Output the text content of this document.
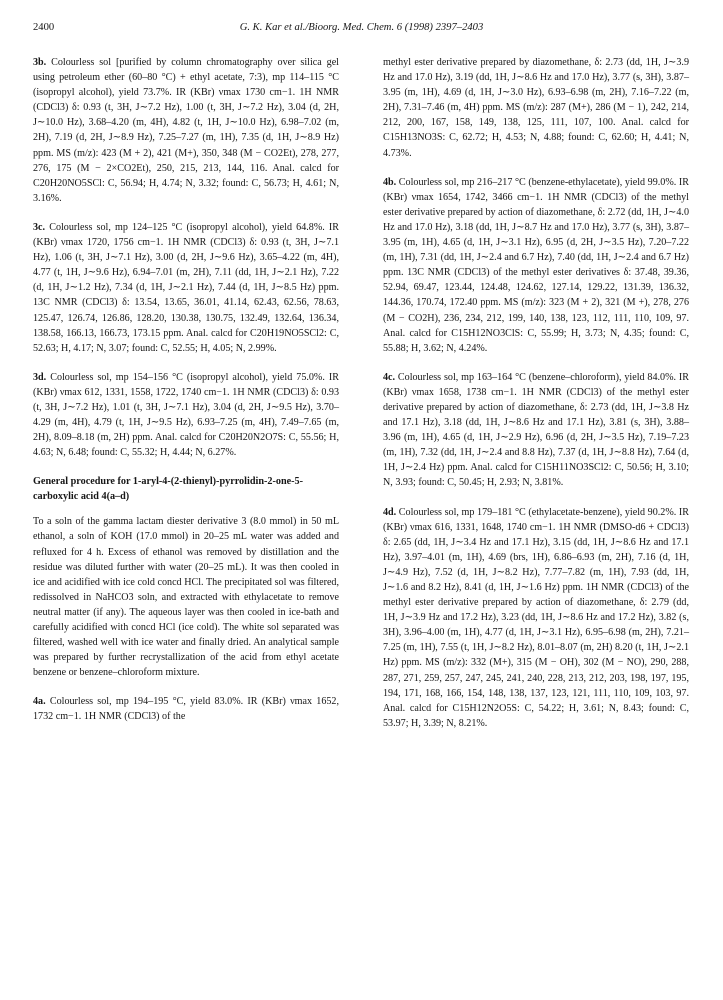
2400	G. K. Kar et al./Bioorg. Med. Chem. 6 (1998) 2397–2403

3b. Colourless sol [purified by column chromatography over silica gel using petroleum ether (60–80 °C) + ethyl acetate, 7:3), mp 114–115 °C (isopropyl alcohol), yield 73.7%. IR (KBr) νmax 1730 cm−1. 1H NMR (CDCl3) δ: 0.93 (t, 3H, J∼7.2 Hz), 1.00 (t, 3H, J∼7.2 Hz), 3.04 (d, 2H, J∼10.0 Hz), 3.68–4.20 (m, 4H), 4.82 (t, 1H, J∼10.0 Hz), 6.98–7.02 (m, 2H), 7.19 (d, 2H, J∼8.9 Hz), 7.25–7.27 (m, 1H), 7.35 (d, 1H, J∼8.9 Hz) ppm. MS (m/z): 423 (M + 2), 421 (M+), 350, 348 (M − CO2Et), 278, 277, 276, 175 (M − 2×CO2Et), 250, 215, 213, 144, 116. Anal. calcd for C20H20NO5SCl: C, 56.94; H, 4.74; N, 3.32; found: C, 56.73; H, 4.61; N, 3.16%.

3c. Colourless sol, mp 124–125 °C (isopropyl alcohol), yield 64.8%. IR (KBr) νmax 1720, 1756 cm−1. 1H NMR (CDCl3) δ: 0.93 (t, 3H, J∼7.1 Hz), 1.06 (t, 3H, J∼7.1 Hz), 3.00 (d, 2H, J∼9.6 Hz), 3.65–4.22 (m, 4H), 4.77 (t, 1H, J∼9.6 Hz), 6.94–7.01 (m, 2H), 7.11 (dd, 1H, J∼2.1 Hz), 7.22 (d, 1H, J∼1.2 Hz), 7.34 (d, 1H, J∼2.1 Hz), 7.44 (d, 1H, J∼8.5 Hz) ppm. 13C NMR (CDCl3) δ: 13.54, 13.65, 36.01, 41.14, 62.43, 62.56, 78.63, 125.47, 126.74, 126.86, 128.20, 130.38, 130.75, 132.49, 132.64, 136.34, 138.58, 166.13, 166.73, 173.15 ppm. Anal. calcd for C20H19NO5SCl2: C, 52.63; H, 4.17; N, 3.07; found: C, 52.55; H, 4.05; N, 2.99%.

3d. Colourless sol, mp 154–156 °C (isopropyl alcohol), yield 75.0%. IR (KBr) νmax 612, 1331, 1558, 1722, 1740 cm−1. 1H NMR (CDCl3) δ: 0.93 (t, 3H, J∼7.2 Hz), 1.01 (t, 3H, J∼7.1 Hz), 3.04 (d, 2H, J∼9.5 Hz), 3.70–4.29 (m, 4H), 4.79 (t, 1H, J∼9.5 Hz), 6.93–7.25 (m, 4H), 7.49–7.65 (m, 2H), 8.09–8.18 (m, 2H) ppm. Anal. calcd for C20H20N2O7S: C, 55.56; H, 4.63; N, 6.48; found: C, 55.32; H, 4.44; N, 6.27%.

General procedure for 1-aryl-4-(2-thienyl)-pyrrolidin-2-one-5-carboxylic acid 4(a–d)

To a soln of the gamma lactam diester derivative 3 (8.0 mmol) in 50 mL ethanol, a soln of KOH (17.0 mmol) in 20–25 mL water was added and refluxed for 4 h. Excess of ethanol was removed by distillation and the residue was diluted further with water (20–25 mL). It was then cooled in ice and acidified with ice cold concd HCl. The precipitated sol was filtered, redissolved in NaHCO3 soln, and extracted with ethylacetate to remove neutral matter (if any). The aqueous layer was then cooled in ice-bath and carefully acidified with concd HCl (ice cold). The white sol separated was filtered, washed well with ice water and finally dried. An analytical sample was prepared by further recrystallization of the acid from ethyl acetate benzene or benzene–chloroform mixture.

4a. Colourless sol, mp 194–195 °C, yield 83.0%. IR (KBr) νmax 1652, 1732 cm−1. 1H NMR (CDCl3) of the

methyl ester derivative prepared by diazomethane, δ: 2.73 (dd, 1H, J∼3.9 Hz and 17.0 Hz), 3.19 (dd, 1H, J∼8.6 Hz and 17.0 Hz), 3.77 (s, 3H), 3.87–3.95 (m, 1H), 4.69 (d, 1H, J∼3.0 Hz), 6.93–6.98 (m, 2H), 7.16–7.22 (m, 2H), 7.31–7.46 (m, 4H) ppm. MS (m/z): 287 (M+), 286 (M − 1), 242, 214, 212, 200, 167, 158, 149, 138, 125, 111, 107, 100. Anal. calcd for C15H13NO3S: C, 62.72; H, 4.53; N, 4.88; found: C, 62.60; H, 4.41; N, 4.73%.

4b. Colourless sol, mp 216–217 °C (benzene-ethylacetate), yield 99.0%. IR (KBr) νmax 1654, 1742, 3466 cm−1. 1H NMR (CDCl3) of the methyl ester derivative prepared by action of diazomethane, δ: 2.72 (dd, 1H, J∼4.0 Hz and 17.0 Hz), 3.18 (dd, 1H, J∼8.7 Hz and 17.0 Hz), 3.77 (s, 3H), 3.87–3.95 (m, 1H), 4.65 (d, 1H, J∼3.1 Hz), 6.95 (d, 2H, J∼3.5 Hz), 7.20–7.22 (m, 1H), 7.31 (dd, 1H, J∼2.4 and 6.7 Hz), 7.40 (dd, 1H, J∼2.4 and 6.7 Hz) ppm. 13C NMR (CDCl3) of the methyl ester derivatives δ: 37.48, 39.36, 52.94, 69.47, 123.44, 124.48, 124.62, 127.14, 129.22, 131.39, 136.32, 144.36, 170.74, 172.40 ppm. MS (m/z): 323 (M + 2), 321 (M +), 278, 276 (M − CO2H), 236, 234, 212, 199, 140, 138, 123, 112, 111, 110, 109, 97. Anal. calcd for C15H12NO3ClS: C, 55.99; H, 3.73; N, 4.35; found: C, 55.88; H, 3.62; N, 4.24%.

4c. Colourless sol, mp 163–164 °C (benzene–chloroform), yield 84.0%. IR (KBr) νmax 1658, 1738 cm−1. 1H NMR (CDCl3) of the methyl ester derivative prepared by action of diazomethane, δ: 2.73 (dd, 1H, J∼3.8 Hz and 17.1 Hz), 3.18 (dd, 1H, J∼8.6 Hz and 17.1 Hz), 3.81 (s, 3H), 3.88–3.96 (m, 1H), 4.65 (d, 1H, J∼2.9 Hz), 6.96 (d, 2H, J∼3.5 Hz), 7.19–7.23 (m, 1H), 7.32 (dd, 1H, J∼2.4 and 8.8 Hz), 7.37 (d, 1H, J∼8.8 Hz), 7.64 (d, 1H, J∼2.4 Hz) ppm. Anal. calcd for C15H11NO3SCl2: C, 50.56; H, 3.10; N, 3.93; found: C, 50.45; H, 2.93; N, 3.81%.

4d. Colourless sol, mp 179–181 °C (ethylacetate-benzene), yield 90.2%. IR (KBr) νmax 616, 1331, 1648, 1740 cm−1. 1H NMR (DMSO-d6 + CDCl3) δ: 2.65 (dd, 1H, J∼3.4 Hz and 17.1 Hz), 3.15 (dd, 1H, J∼8.6 Hz and 17.1 Hz), 3.97–4.01 (m, 1H), 4.69 (brs, 1H), 6.86–6.93 (m, 2H), 7.16 (d, 1H, J∼4.9 Hz), 7.52 (d, 1H, J∼8.2 Hz), 7.77–7.82 (m, 1H), 7.93 (dd, 1H, J∼1.6 and 8.2 Hz), 8.41 (d, 1H, J∼1.6 Hz) ppm. 1H NMR (CDCl3) of the methyl ester derivative prepared by action of diazomethane, δ: 2.79 (dd, 1H, J∼3.9 Hz and 17.2 Hz), 3.23 (dd, 1H, J∼8.6 Hz and 17.2 Hz), 3.82 (s, 3H), 3.96–4.00 (m, 1H), 4.77 (d, 1H, J∼3.1 Hz), 6.95–6.98 (m, 2H), 7.21–7.25 (m, 1H), 7.55 (t, 1H, J∼8.2 Hz), 8.01–8.07 (m, 2H) 8.20 (t, 1H, J∼2.1 Hz) ppm. MS (m/z): 332 (M+), 315 (M − OH), 302 (M − NO), 290, 288, 287, 271, 259, 257, 247, 245, 241, 240, 228, 213, 212, 203, 198, 197, 195, 194, 171, 168, 166, 154, 148, 138, 137, 123, 121, 111, 110, 109, 103, 97. Anal. calcd for C15H12N2O5S: C, 54.22; H, 3.61; N, 8.43; found: C, 53.97; H, 3.39; N, 8.21%.
